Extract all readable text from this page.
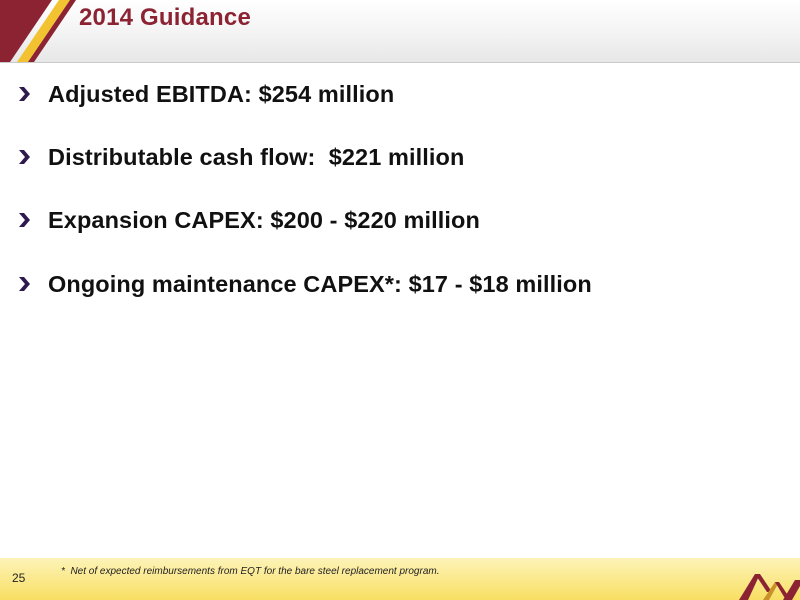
2014 Guidance
Adjusted EBITDA: $254 million
Distributable cash flow:  $221 million
Expansion CAPEX: $200 - $220 million
Ongoing maintenance CAPEX*: $17 - $18 million
25	*  Net of expected reimbursements from EQT for the bare steel replacement program.
